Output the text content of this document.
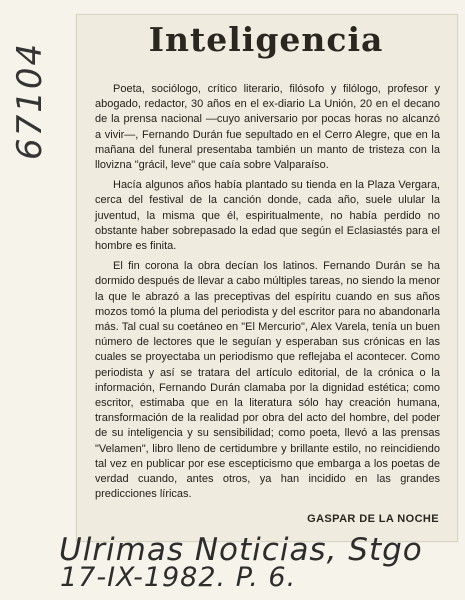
Inteligencia

Poeta, sociólogo, crítico literario, filósofo y filólogo, profesor y abogado, redactor, 30 años en el ex-diario La Unión, 20 en el decano de la prensa nacional —cuyo aniversario por pocas horas no alcanzó a vivir—, Fernando Durán fue sepultado en el Cerro Alegre, que en la mañana del funeral presentaba también un manto de tristeza con la llovizna "grácil, leve" que caía sobre Valparaíso.

Hacía algunos años había plantado su tienda en la Plaza Vergara, cerca del festival de la canción donde, cada año, suele ulular la juventud, la misma que él, espiritualmente, no había perdido no obstante haber sobrepasado la edad que según el Eclasiastés para el hombre es finita.

El fin corona la obra decían los latinos. Fernando Durán se ha dormido después de llevar a cabo múltiples tareas, no siendo la menor la que le abrazó a las preceptivas del espíritu cuando en sus años mozos tomó la pluma del periodista y del escritor para no abandonarla más. Tal cual su coetáneo en "El Mercurio", Alex Varela, tenía un buen número de lectores que le seguían y esperaban sus crónicas en las cuales se proyectaba un periodismo que reflejaba el acontecer. Como periodista y así se tratara del artículo editorial, de la crónica o la información, Fernando Durán clamaba por la dignidad estética; como escritor, estimaba que en la literatura sólo hay creación humana, transformación de la realidad por obra del acto del hombre, del poder de su inteligencia y su sensibilidad; como poeta, llevó a las prensas "Velamen", libro lleno de certidumbre y brillante estilo, no reincidiendo tal vez en publicar por ese escepticismo que embarga a los poetas de verdad cuando, antes otros, ya han incidido en las grandes predicciones líricas.

GASPAR DE LA NOCHE
67104
Ulrimas Noticias, Stgo
17-IX-1982. P. 6.
